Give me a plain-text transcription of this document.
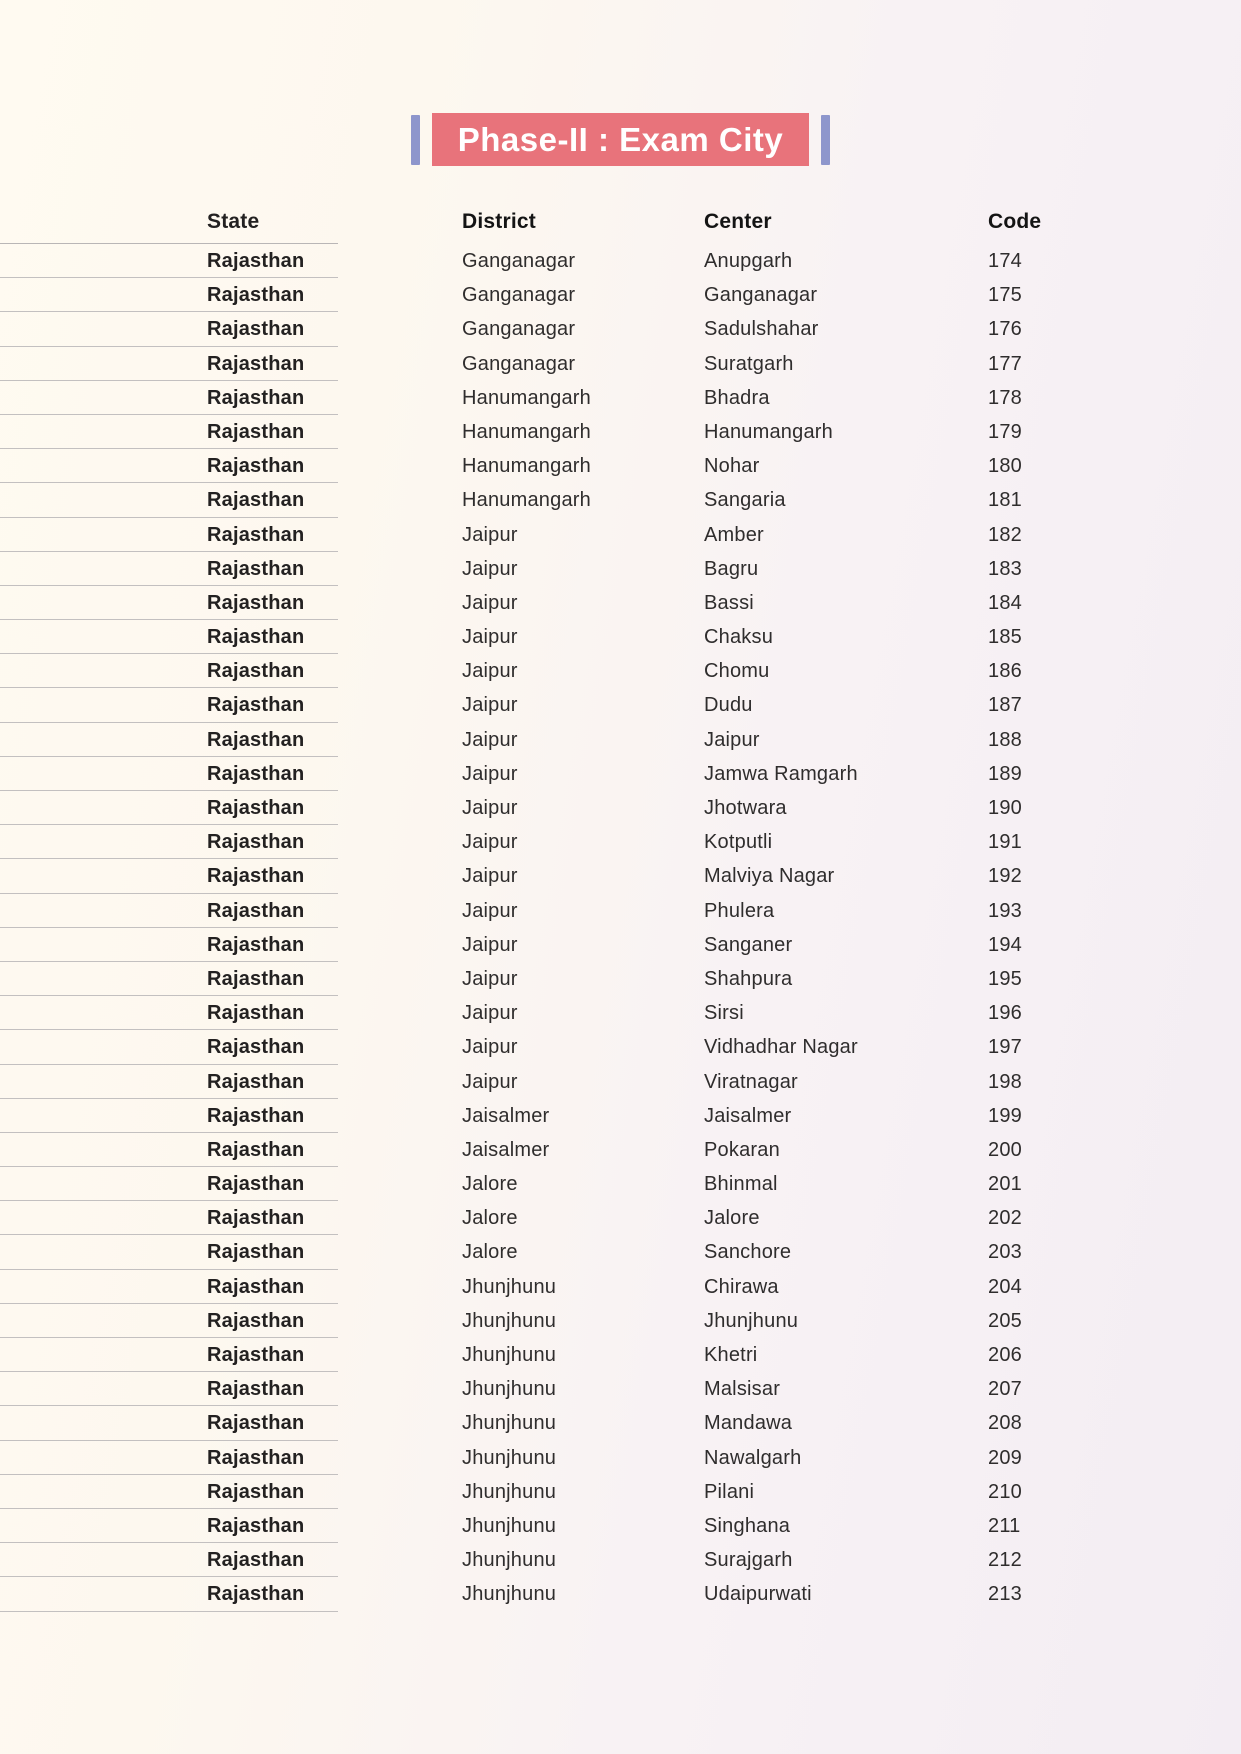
Phase-II : Exam City
State	District	Center	Code
Rajasthan	Ganganagar	Anupgarh	174
Rajasthan	Ganganagar	Ganganagar	175
Rajasthan	Ganganagar	Sadulshahar	176
Rajasthan	Ganganagar	Suratgarh	177
Rajasthan	Hanumangarh	Bhadra	178
Rajasthan	Hanumangarh	Hanumangarh	179
Rajasthan	Hanumangarh	Nohar	180
Rajasthan	Hanumangarh	Sangaria	181
Rajasthan	Jaipur	Amber	182
Rajasthan	Jaipur	Bagru	183
Rajasthan	Jaipur	Bassi	184
Rajasthan	Jaipur	Chaksu	185
Rajasthan	Jaipur	Chomu	186
Rajasthan	Jaipur	Dudu	187
Rajasthan	Jaipur	Jaipur	188
Rajasthan	Jaipur	Jamwa Ramgarh	189
Rajasthan	Jaipur	Jhotwara	190
Rajasthan	Jaipur	Kotputli	191
Rajasthan	Jaipur	Malviya Nagar	192
Rajasthan	Jaipur	Phulera	193
Rajasthan	Jaipur	Sanganer	194
Rajasthan	Jaipur	Shahpura	195
Rajasthan	Jaipur	Sirsi	196
Rajasthan	Jaipur	Vidhadhar Nagar	197
Rajasthan	Jaipur	Viratnagar	198
Rajasthan	Jaisalmer	Jaisalmer	199
Rajasthan	Jaisalmer	Pokaran	200
Rajasthan	Jalore	Bhinmal	201
Rajasthan	Jalore	Jalore	202
Rajasthan	Jalore	Sanchore	203
Rajasthan	Jhunjhunu	Chirawa	204
Rajasthan	Jhunjhunu	Jhunjhunu	205
Rajasthan	Jhunjhunu	Khetri	206
Rajasthan	Jhunjhunu	Malsisar	207
Rajasthan	Jhunjhunu	Mandawa	208
Rajasthan	Jhunjhunu	Nawalgarh	209
Rajasthan	Jhunjhunu	Pilani	210
Rajasthan	Jhunjhunu	Singhana	211
Rajasthan	Jhunjhunu	Surajgarh	212
Rajasthan	Jhunjhunu	Udaipurwati	213
